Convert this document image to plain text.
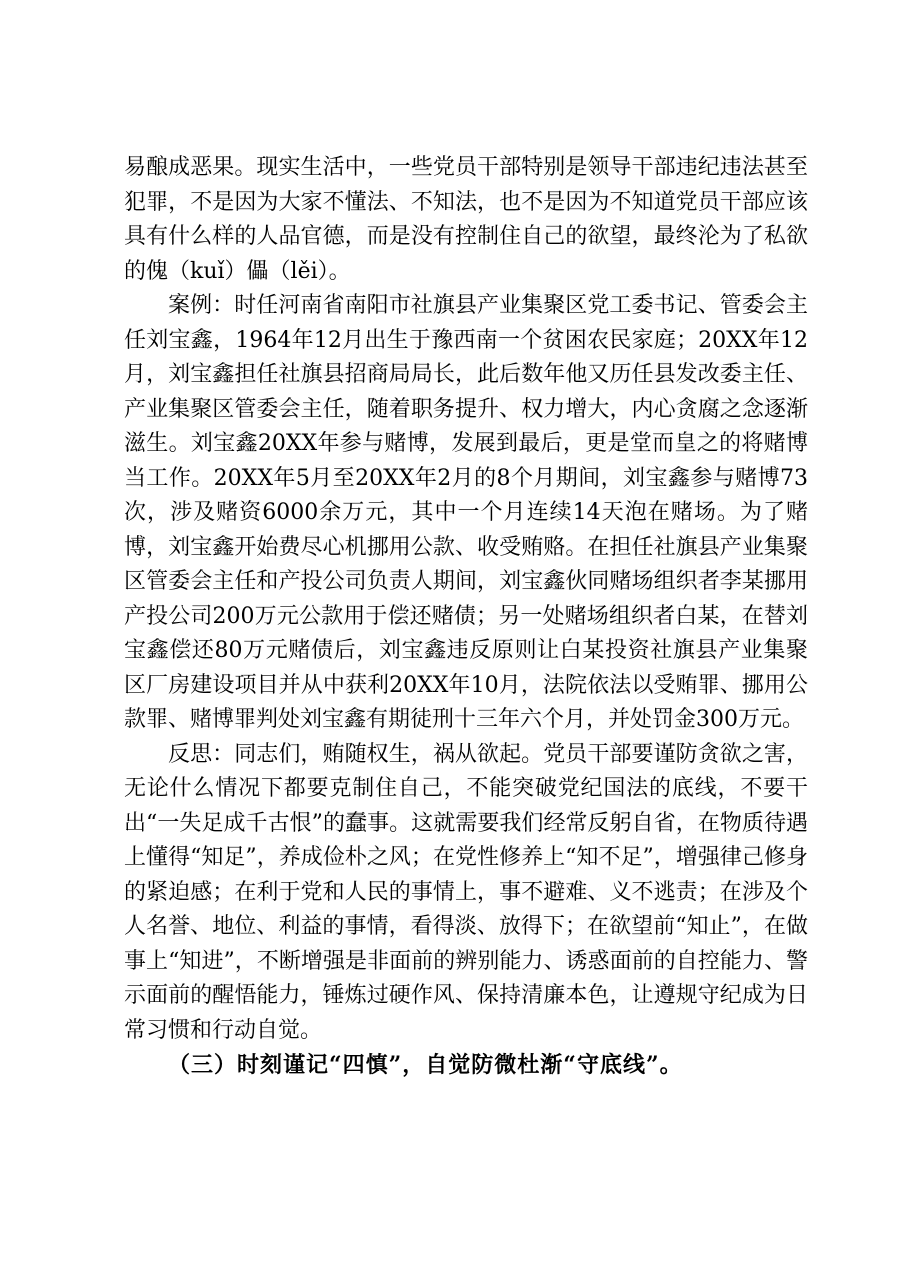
易酿成恶果。现实生活中，一些党员干部特别是领导干部违纪违法甚至犯罪，不是因为大家不懂法、不知法，也不是因为不知道党员干部应该具有什么样的人品官德，而是没有控制住自己的欲望，最终沦为了私欲的傀（kuǐ）儡（lěi）。

案例：时任河南省南阳市社旗县产业集聚区党工委书记、管委会主任刘宝鑫，1964年12月出生于豫西南一个贫困农民家庭；20XX年12月，刘宝鑫担任社旗县招商局局长，此后数年他又历任县发改委主任、产业集聚区管委会主任，随着职务提升、权力增大，内心贪腐之念逐渐滋生。刘宝鑫20XX年参与赌博，发展到最后，更是堂而皇之的将赌博当工作。20XX年5月至20XX年2月的8个月期间，刘宝鑫参与赌博73次，涉及赌资6000余万元，其中一个月连续14天泡在赌场。为了赌博，刘宝鑫开始费尽心机挪用公款、收受贿赂。在担任社旗县产业集聚区管委会主任和产投公司负责人期间，刘宝鑫伙同赌场组织者李某挪用产投公司200万元公款用于偿还赌债；另一处赌场组织者白某，在替刘宝鑫偿还80万元赌债后，刘宝鑫违反原则让白某投资社旗县产业集聚区厂房建设项目并从中获利20XX年10月，法院依法以受贿罪、挪用公款罪、赌博罪判处刘宝鑫有期徒刑十三年六个月，并处罚金300万元。

反思：同志们，贿随权生，祸从欲起。党员干部要谨防贪欲之害，无论什么情况下都要克制住自己，不能突破党纪国法的底线，不要干出“一失足成千古恨”的蠢事。这就需要我们经常反躬自省，在物质待遇上懂得“知足”，养成俭朴之风；在党性修养上“知不足”，增强律己修身的紧迫感；在利于党和人民的事情上，事不避难、义不逃责；在涉及个人名誉、地位、利益的事情，看得淡、放得下；在欲望前“知止”，在做事上“知进”，不断增强是非面前的辨别能力、诱惑面前的自控能力、警示面前的醒悟能力，锤炼过硬作风、保持清廉本色，让遵规守纪成为日常习惯和行动自觉。

（三）时刻谨记“四慎”，自觉防微杜渐“守底线”。
